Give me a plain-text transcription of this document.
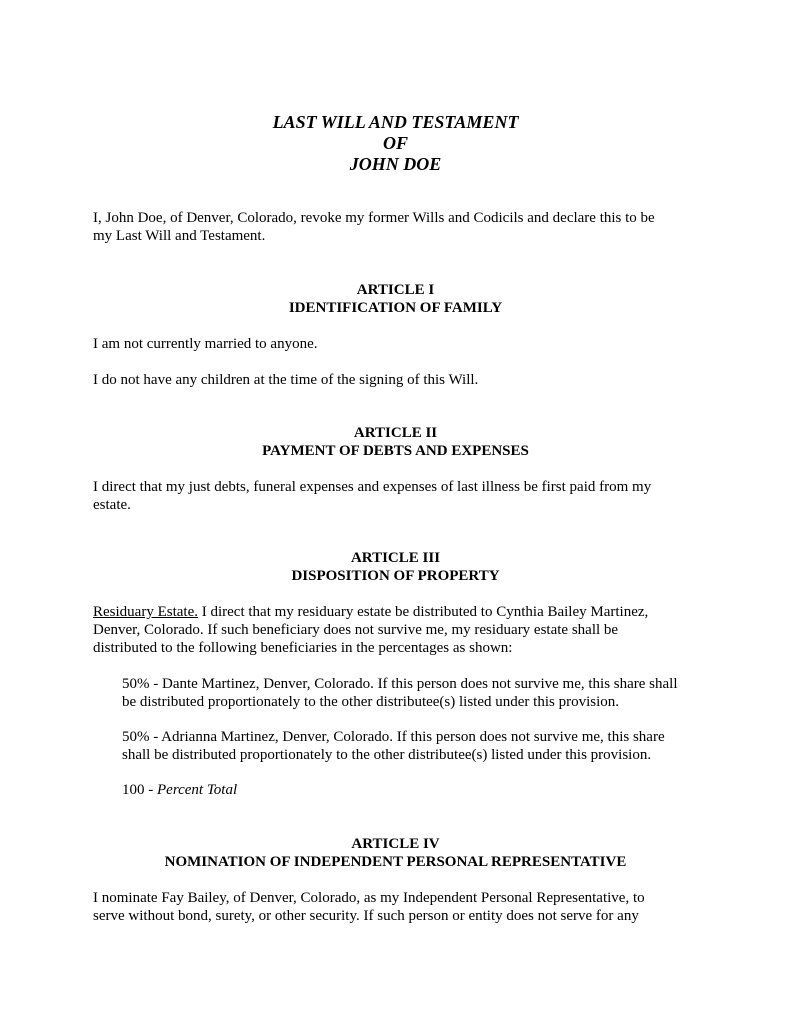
LAST WILL AND TESTAMENT
OF
JOHN DOE
I, John Doe, of Denver, Colorado, revoke my former Wills and Codicils and declare this to be
my Last Will and Testament.
ARTICLE I
IDENTIFICATION OF FAMILY
I am not currently married to anyone.
I do not have any children at the time of the signing of this Will.
ARTICLE II
PAYMENT OF DEBTS AND EXPENSES
I direct that my just debts, funeral expenses and expenses of last illness be first paid from my
estate.
ARTICLE III
DISPOSITION OF PROPERTY
Residuary Estate. I direct that my residuary estate be distributed to Cynthia Bailey Martinez,
Denver, Colorado. If such beneficiary does not survive me, my residuary estate shall be
distributed to the following beneficiaries in the percentages as shown:
50% - Dante Martinez, Denver, Colorado. If this person does not survive me, this share shall
be distributed proportionately to the other distributee(s) listed under this provision.
50% - Adrianna Martinez, Denver, Colorado. If this person does not survive me, this share
shall be distributed proportionately to the other distributee(s) listed under this provision.
100 - Percent Total
ARTICLE IV
NOMINATION OF INDEPENDENT PERSONAL REPRESENTATIVE
I nominate Fay Bailey, of Denver, Colorado, as my Independent Personal Representative, to
serve without bond, surety, or other security. If such person or entity does not serve for any
